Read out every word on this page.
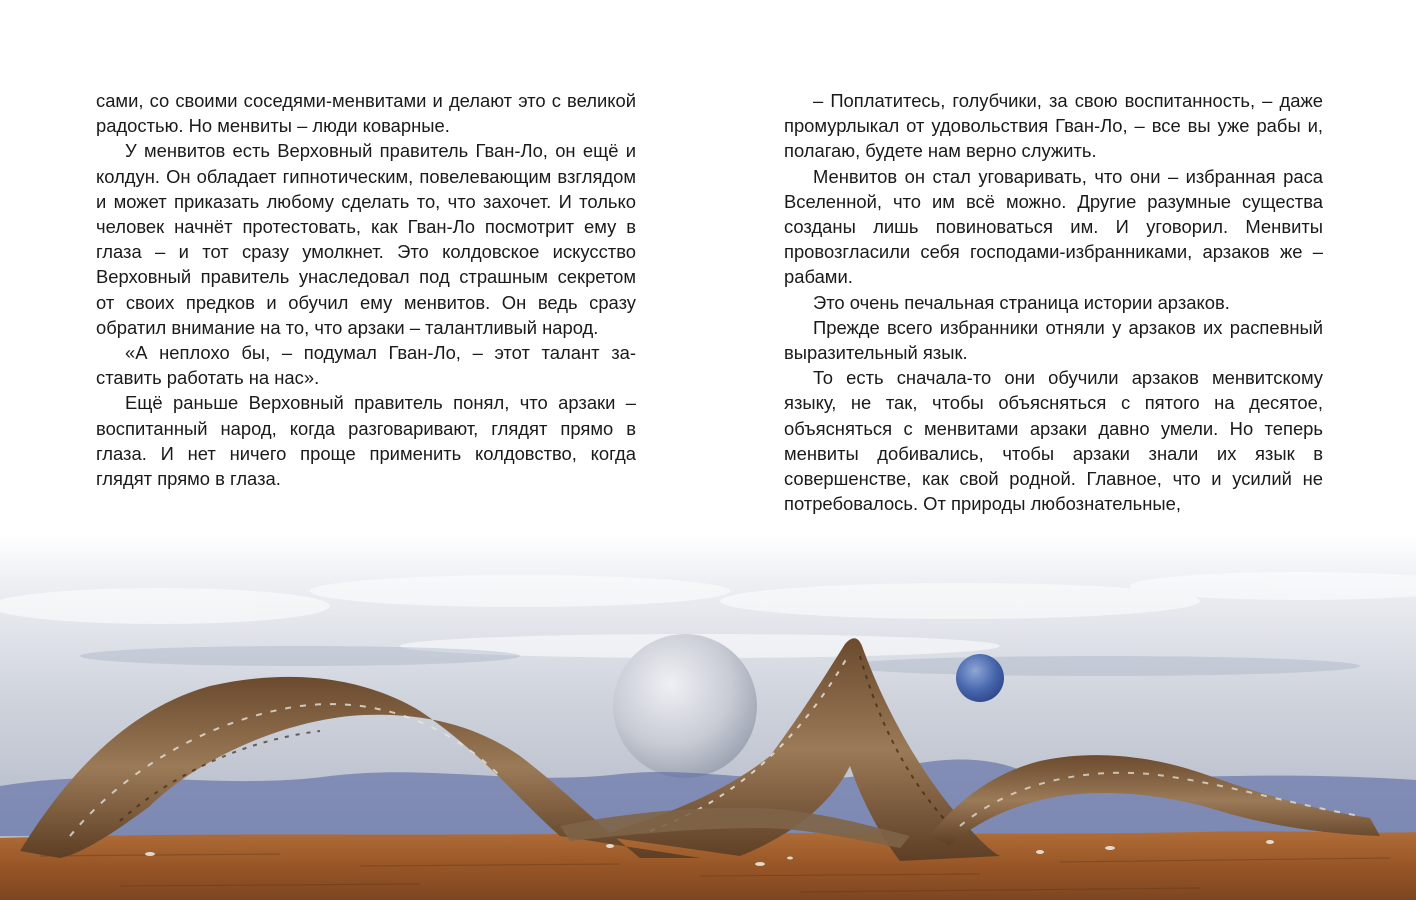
сами, со своими соседями-менвитами и делают это с великой радостью. Но менвиты – люди коварные.

У менвитов есть Верховный правитель Гван-Ло, он ещё и колдун. Он обладает гипнотическим, повелевающим взглядом и может приказать любому сделать то, что захочет. И только человек начнёт протестовать, как Гван-Ло посмотрит ему в глаза – и тот сразу умолкнет. Это колдовское искусство Верховный правитель унаследовал под страшным секретом от своих предков и обучил ему менвитов. Он ведь сразу обратил внимание на то, что арзаки – талантливый народ.

«А неплохо бы, – подумал Гван-Ло, – этот талант заставить работать на нас».

Ещё раньше Верховный правитель понял, что арзаки – воспитанный народ, когда разговаривают, глядят прямо в глаза. И нет ничего проще применить колдовство, когда глядят прямо в глаза.

– Поплатитесь, голубчики, за свою воспитанность, – даже промурлыкал от удовольствия Гван-Ло, – все вы уже рабы и, полагаю, будете нам верно служить.

Менвитов он стал уговаривать, что они – избранная раса Вселенной, что им всё можно. Другие разумные существа созданы лишь повиноваться им. И уговорил. Менвиты провозгласили себя господами-избранниками, арзаков же – рабами.

Это очень печальная страница истории арзаков.

Прежде всего избранники отняли у арзаков их распевный выразительный язык.

То есть сначала-то они обучили арзаков менвитскому языку, не так, чтобы объясняться с пятого на десятое, объясняться с менвитами арзаки давно умели. Но теперь менвиты добивались, чтобы арзаки знали их язык в совершенстве, как свой родной. Главное, что и усилий не потребовалось. От природы любознательные,
